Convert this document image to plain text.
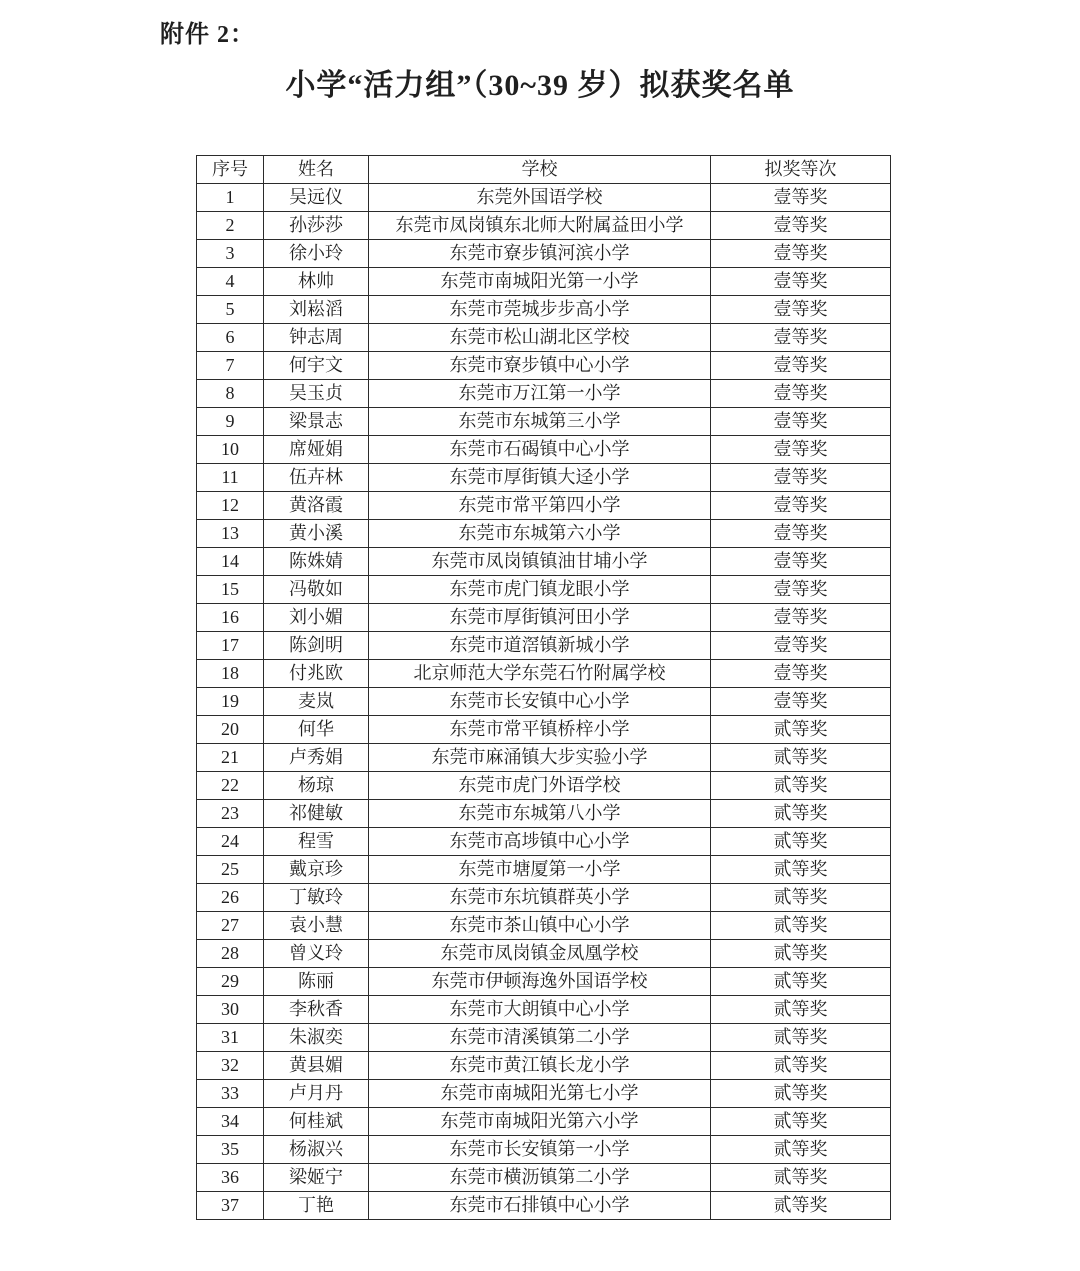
附件 2：
小学“活力组”（30~39 岁）拟获奖名单
序号	姓名	学校	拟奖等次
1	吴远仪	东莞外国语学校	壹等奖
2	孙莎莎	东莞市凤岗镇东北师大附属益田小学	壹等奖
3	徐小玲	东莞市寮步镇河滨小学	壹等奖
4	林帅	东莞市南城阳光第一小学	壹等奖
5	刘崧滔	东莞市莞城步步高小学	壹等奖
6	钟志周	东莞市松山湖北区学校	壹等奖
7	何宇文	东莞市寮步镇中心小学	壹等奖
8	吴玉贞	东莞市万江第一小学	壹等奖
9	梁景志	东莞市东城第三小学	壹等奖
10	席娅娟	东莞市石碣镇中心小学	壹等奖
11	伍卉林	东莞市厚街镇大迳小学	壹等奖
12	黄洛霞	东莞市常平第四小学	壹等奖
13	黄小溪	东莞市东城第六小学	壹等奖
14	陈姝婧	东莞市凤岗镇镇油甘埔小学	壹等奖
15	冯敬如	东莞市虎门镇龙眼小学	壹等奖
16	刘小媚	东莞市厚街镇河田小学	壹等奖
17	陈剑明	东莞市道滘镇新城小学	壹等奖
18	付兆欧	北京师范大学东莞石竹附属学校	壹等奖
19	麦岚	东莞市长安镇中心小学	壹等奖
20	何华	东莞市常平镇桥梓小学	贰等奖
21	卢秀娟	东莞市麻涌镇大步实验小学	贰等奖
22	杨琼	东莞市虎门外语学校	贰等奖
23	祁健敏	东莞市东城第八小学	贰等奖
24	程雪	东莞市高埗镇中心小学	贰等奖
25	戴京珍	东莞市塘厦第一小学	贰等奖
26	丁敏玲	东莞市东坑镇群英小学	贰等奖
27	袁小慧	东莞市茶山镇中心小学	贰等奖
28	曾义玲	东莞市凤岗镇金凤凰学校	贰等奖
29	陈丽	东莞市伊顿海逸外国语学校	贰等奖
30	李秋香	东莞市大朗镇中心小学	贰等奖
31	朱淑奕	东莞市清溪镇第二小学	贰等奖
32	黄县媚	东莞市黄江镇长龙小学	贰等奖
33	卢月丹	东莞市南城阳光第七小学	贰等奖
34	何桂斌	东莞市南城阳光第六小学	贰等奖
35	杨淑兴	东莞市长安镇第一小学	贰等奖
36	梁姬宁	东莞市横沥镇第二小学	贰等奖
37	丁艳	东莞市石排镇中心小学	贰等奖
